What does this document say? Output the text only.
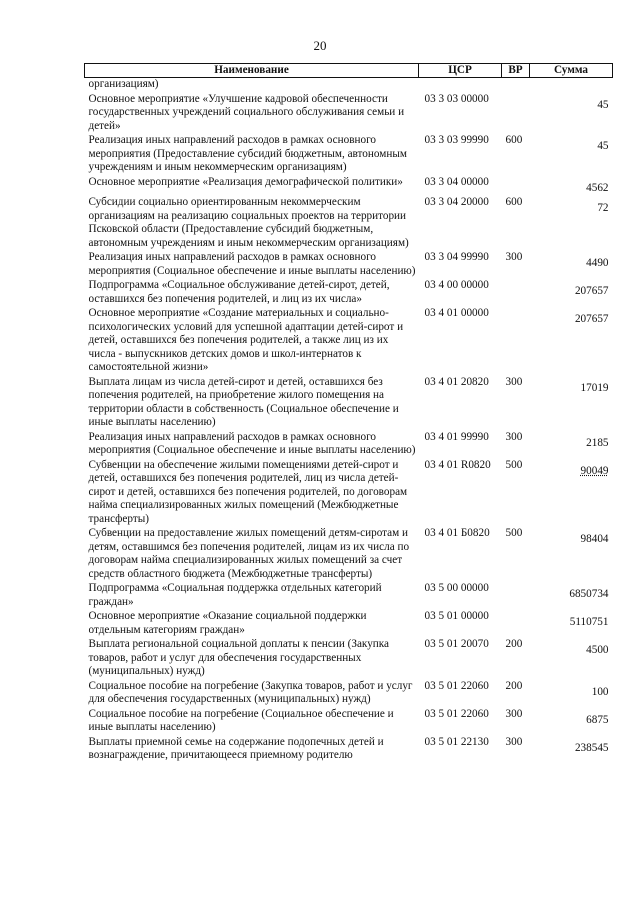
20
Наименование	ЦСР	ВР	Сумма
организациям)			
Основное мероприятие «Улучшение кадровой обеспеченности государственных учреждений социального обслуживания семьи и детей»	03 3 03 00000		45
Реализация иных направлений расходов в рамках основного мероприятия (Предоставление субсидий бюджетным, автономным учреждениям и иным некоммерческим организациям)	03 3 03 99990	600	45
Основное мероприятие «Реализация демографической политики»	03 3 04 00000		4562
Субсидии социально ориентированным некоммерческим организациям на реализацию социальных проектов на территории Псковской области (Предоставление субсидий бюджетным, автономным учреждениям и иным некоммерческим организациям)	03 3 04 20000	600	72
Реализация иных направлений расходов в рамках основного мероприятия (Социальное обеспечение и иные выплаты населению)	03 3 04 99990	300	4490
Подпрограмма «Социальное обслуживание детей-сирот, детей, оставшихся без попечения родителей, и лиц из их числа»	03 4 00 00000		207657
Основное мероприятие «Создание материальных и социально-психологических условий для успешной адаптации детей-сирот и детей, оставшихся без попечения родителей, а также лиц из их числа - выпускников детских домов и школ-интернатов к самостоятельной жизни»	03 4 01 00000		207657
Выплата лицам из числа детей-сирот и детей, оставшихся без попечения родителей, на приобретение жилого помещения на территории области в собственность (Социальное обеспечение и иные выплаты населению)	03 4 01 20820	300	17019
Реализация иных направлений расходов в рамках основного мероприятия (Социальное обеспечение и иные выплаты населению)	03 4 01 99990	300	2185
Субвенции на обеспечение жилыми помещениями детей-сирот и детей, оставшихся без попечения родителей, лиц из числа детей-сирот и детей, оставшихся без попечения родителей, по договорам найма специализированных жилых помещений (Межбюджетные трансферты)	03 4 01 R0820	500	90049
Субвенции на предоставление жилых помещений детям-сиротам и детям, оставшимся без попечения родителей, лицам из их числа по договорам найма специализированных жилых помещений за счет средств областного бюджета (Межбюджетные трансферты)	03 4 01 Б0820	500	98404
Подпрограмма «Социальная поддержка отдельных категорий граждан»	03 5 00 00000		6850734
Основное мероприятие «Оказание социальной поддержки отдельным категориям граждан»	03 5 01 00000		5110751
Выплата региональной социальной доплаты к пенсии (Закупка товаров, работ и услуг для обеспечения государственных (муниципальных) нужд)	03 5 01 20070	200	4500
Социальное пособие на погребение (Закупка товаров, работ и услуг для обеспечения государственных (муниципальных) нужд)	03 5 01 22060	200	100
Социальное пособие на погребение (Социальное обеспечение и иные выплаты населению)	03 5 01 22060	300	6875
Выплаты приемной семье на содержание подопечных детей и вознаграждение, причитающееся приемному родителю	03 5 01 22130	300	238545
